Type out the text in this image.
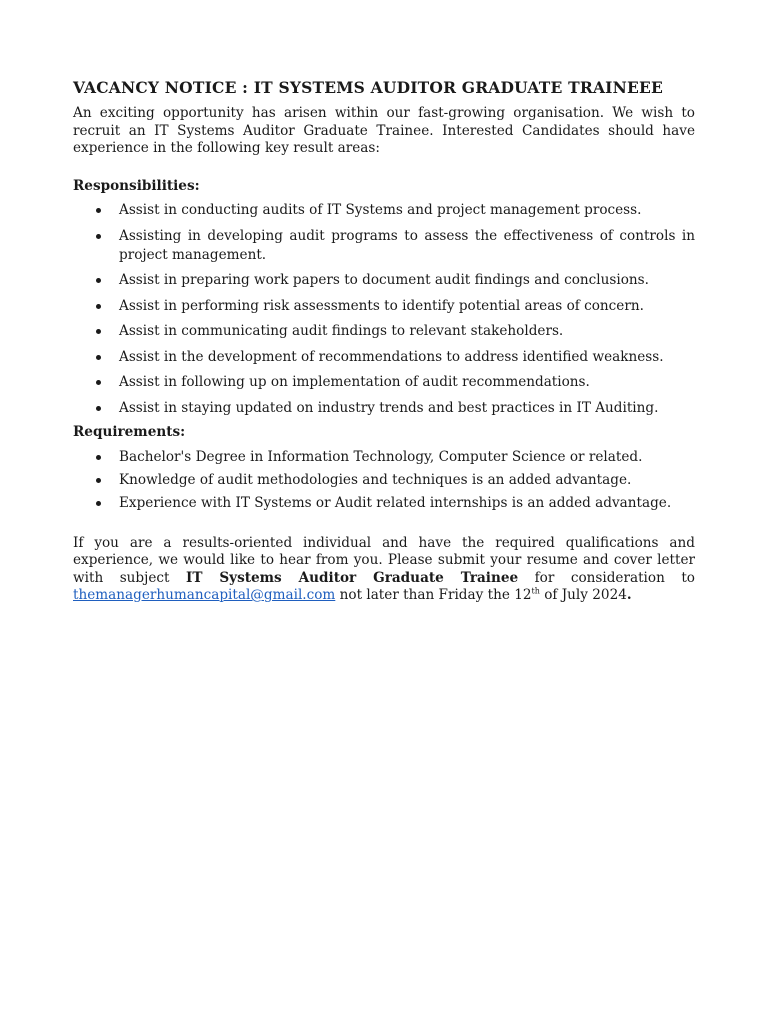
VACANCY NOTICE : IT SYSTEMS AUDITOR GRADUATE TRAINEEE

An exciting opportunity has arisen within our fast-growing organisation. We wish to recruit an IT Systems Auditor Graduate Trainee. Interested Candidates should have experience in the following key result areas:

Responsibilities:
Assist in conducting audits of IT Systems and project management process.
Assisting in developing audit programs to assess the effectiveness of controls in project management.
Assist in preparing work papers to document audit findings and conclusions.
Assist in performing risk assessments to identify potential areas of concern.
Assist in communicating audit findings to relevant stakeholders.
Assist in the development of recommendations to address identified weakness.
Assist in following up on implementation of audit recommendations.
Assist in staying updated on industry trends and best practices in IT Auditing.
Requirements:
Bachelor's Degree in Information Technology, Computer Science or related.
Knowledge of audit methodologies and techniques is an added advantage.
Experience with IT Systems or Audit related internships is an added advantage.

If you are a results-oriented individual and have the required qualifications and experience, we would like to hear from you. Please submit your resume and cover letter with subject IT Systems Auditor Graduate Trainee for consideration to themanagerhumancapital@gmail.com not later than Friday the 12th of July 2024.
